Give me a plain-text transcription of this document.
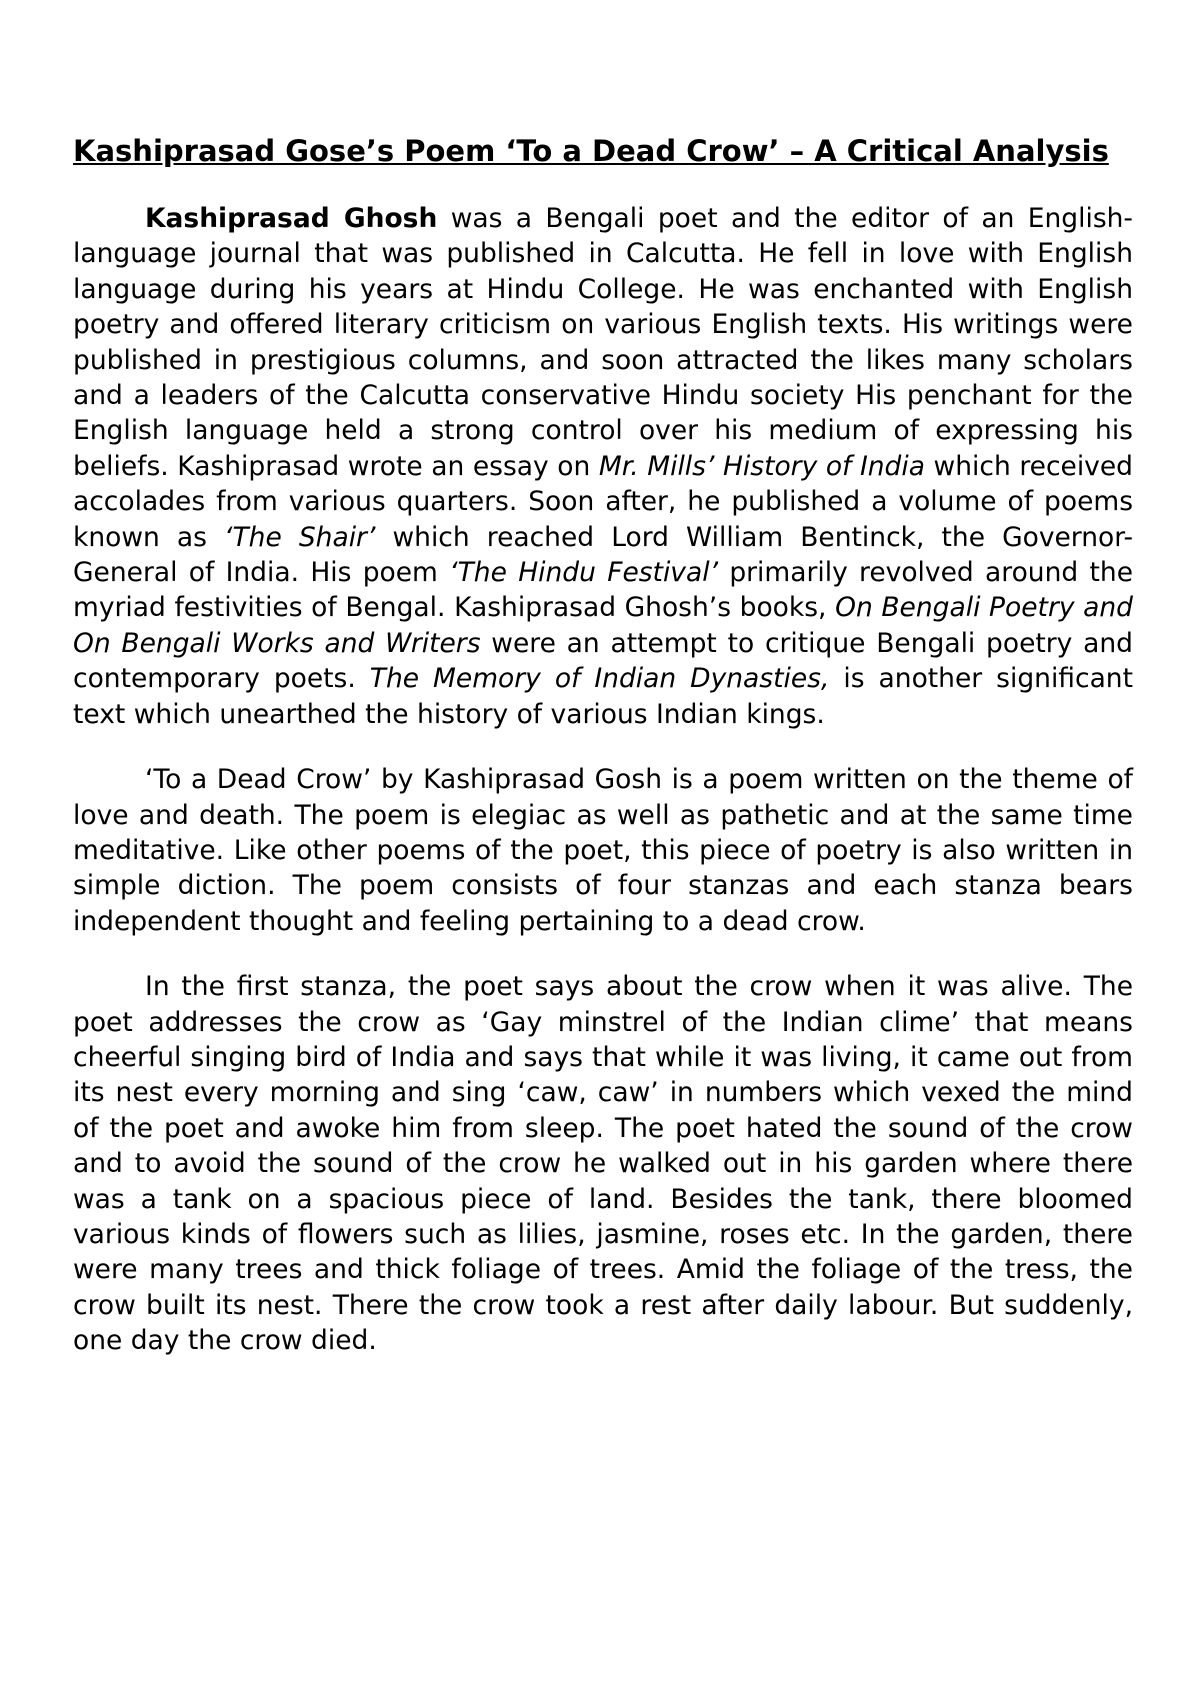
Kashiprasad Gose’s Poem ‘To a Dead Crow’ – A Critical Analysis

Kashiprasad Ghosh was a Bengali poet and the editor of an English-language journal that was published in Calcutta. He fell in love with English language during his years at Hindu College. He was enchanted with English poetry and offered literary criticism on various English texts. His writings were published in prestigious columns, and soon attracted the likes many scholars and a leaders of the Calcutta conservative Hindu society His penchant for the English language held a strong control over his medium of expressing his beliefs. Kashiprasad wrote an essay on Mr. Mills’ History of India which received accolades from various quarters. Soon after, he published a volume of poems known as ‘The Shair’ which reached Lord William Bentinck, the Governor-General of India. His poem ‘The Hindu Festival’ primarily revolved around the myriad festivities of Bengal. Kashiprasad Ghosh’s books, On Bengali Poetry and On Bengali Works and Writers were an attempt to critique Bengali poetry and contemporary poets. The Memory of Indian Dynasties, is another significant text which unearthed the history of various Indian kings.

‘To a Dead Crow’ by Kashiprasad Gosh is a poem written on the theme of love and death. The poem is elegiac as well as pathetic and at the same time meditative. Like other poems of the poet, this piece of poetry is also written in simple diction. The poem consists of four stanzas and each stanza bears independent thought and feeling pertaining to a dead crow.

In the first stanza, the poet says about the crow when it was alive. The poet addresses the crow as ‘Gay minstrel of the Indian clime’ that means cheerful singing bird of India and says that while it was living, it came out from its nest every morning and sing ‘caw, caw’ in numbers which vexed the mind of the poet and awoke him from sleep. The poet hated the sound of the crow and to avoid the sound of the crow he walked out in his garden where there was a tank on a spacious piece of land. Besides the tank, there bloomed various kinds of flowers such as lilies, jasmine, roses etc. In the garden, there were many trees and thick foliage of trees. Amid the foliage of the tress, the crow built its nest. There the crow took a rest after daily labour. But suddenly, one day the crow died.
